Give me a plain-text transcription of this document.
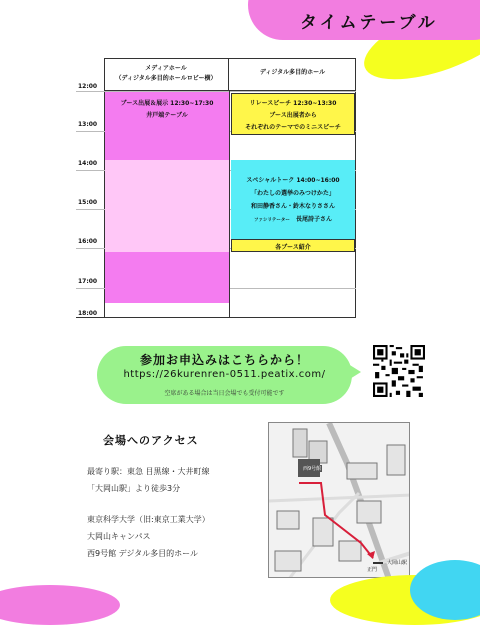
タイムテーブル
メディアホール
（ディジタル多目的ホールロビー横）
ディジタル多目的ホール
12:00
13:00
14:00
15:00
16:00
17:00
18:00
ブース出展＆展示 12:30~17:30
井戸端テーブル
リレースピーチ 12:30~13:30
ブース出展者から
それぞれのテーマでのミニスピーチ
スペシャルトーク 14:00~16:00
「わたしの選挙のみつけかた」
和田静香さん・鈴木なりささん
ファシリテーター 長尾詩子さん
各ブース紹介
参加お申込みはこちらから！
https://26kurenren-0511.peatix.com/
空席がある場合は当日会場でも受付可能です
会場へのアクセス
最寄り駅：東急 目黒線・大井町線
「大岡山駅」より徒歩3分
東京科学大学（旧:東京工業大学）
大岡山キャンパス
西9号館 デジタル多目的ホール
西9号館
正門
大岡山駅
